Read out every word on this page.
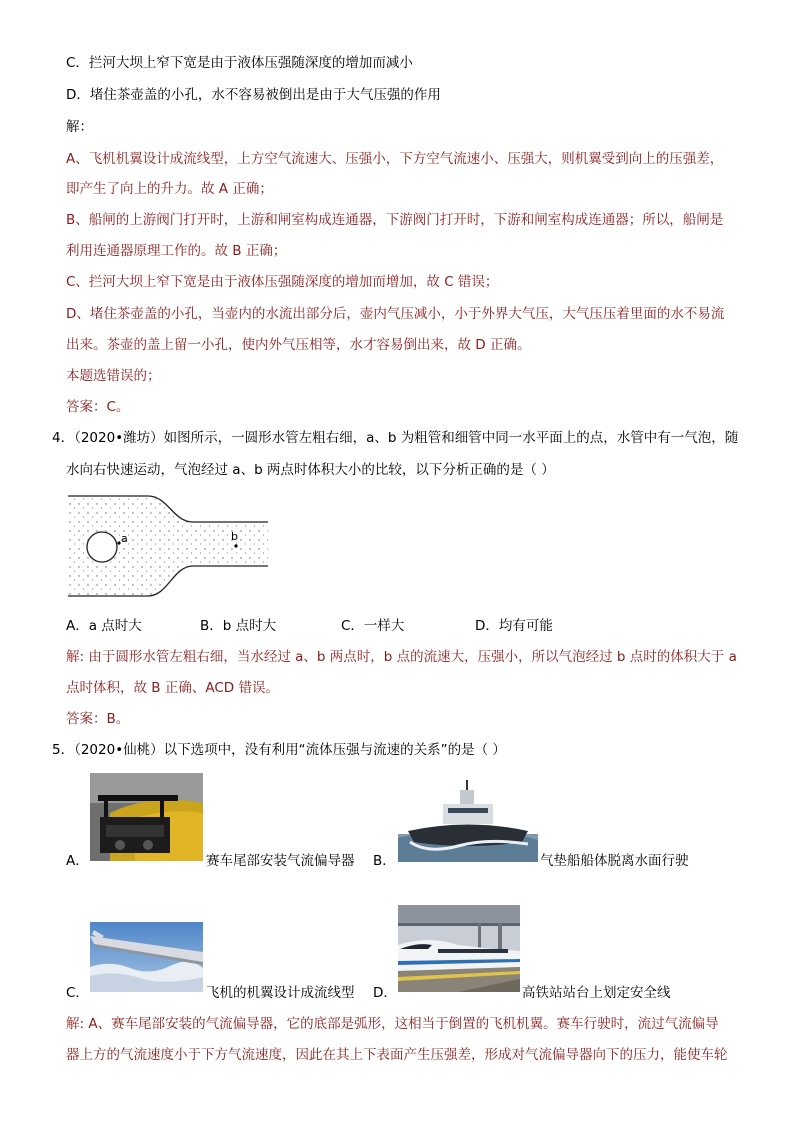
C．拦河大坝上窄下宽是由于液体压强随深度的增加而减小
D．堵住茶壶盖的小孔，水不容易被倒出是由于大气压强的作用
解：
A、飞机机翼设计成流线型，上方空气流速大、压强小，下方空气流速小、压强大，则机翼受到向上的压强差，
即产生了向上的升力。故 A 正确；
B、船闸的上游阀门打开时，上游和闸室构成连通器，下游阀门打开时，下游和闸室构成连通器；所以，船闸是
利用连通器原理工作的。故 B 正确；
C、拦河大坝上窄下宽是由于液体压强随深度的增加而增加，故 C 错误；
D、堵住茶壶盖的小孔，当壶内的水流出部分后，壶内气压减小，小于外界大气压，大气压压着里面的水不易流
出来。茶壶的盖上留一小孔，使内外气压相等，水才容易倒出来，故 D 正确。
本题选错误的；
答案：C。
4．（2020•潍坊）如图所示，一圆形水管左粗右细，a、b 为粗管和细管中同一水平面上的点，水管中有一气泡，随
水向右快速运动，气泡经过 a、b 两点时体积大小的比较，以下分析正确的是（ ）
a	b
A．a 点时大	B．b 点时大	C．一样大	D．均有可能
解: 由于圆形水管左粗右细，当水经过 a、b 两点时，b 点的流速大，压强小，所以气泡经过 b 点时的体积大于 a
点时体积，故 B 正确、ACD 错误。
答案：B。
5．（2020•仙桃）以下选项中，没有利用“流体压强与流速的关系”的是（ ）
A．	赛车尾部安装气流偏导器 B．	气垫船船体脱离水面行驶
C．	飞机的机翼设计成流线型 D．	高铁站站台上划定安全线
解: A、赛车尾部安装的气流偏导器，它的底部是弧形，这相当于倒置的飞机机翼。赛车行驶时，流过气流偏导
器上方的气流速度小于下方气流速度，因此在其上下表面产生压强差，形成对气流偏导器向下的压力，能使车轮
